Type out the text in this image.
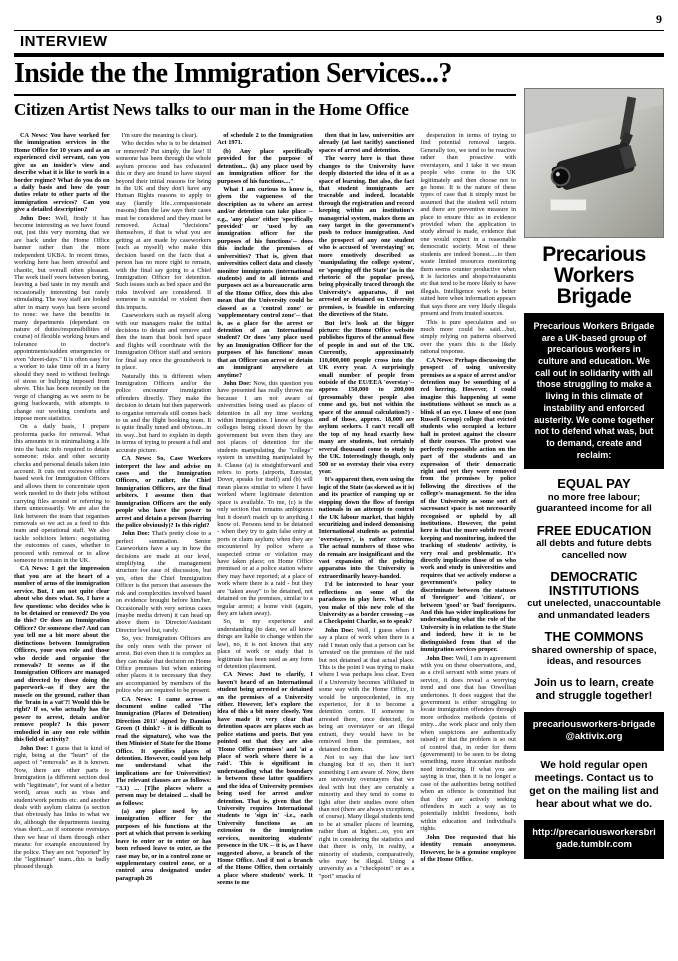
9
INTERVIEW
Inside the the Immigration Services...?
Citizen Artist News talks to our man in the Home Office

CA News: You have worked for the immigration services in the Home Office for 10 years and as an experienced civil servant, can you give us an insider's view and describe what it is like to work in a border regime? What do you do on a daily basis and how do your duties relate to other parts of the immigration services? Can you give a detailed description?

John Doe: Well, firstly it has become interesting as we have found out, just this very morning that we are back under the Home Office banner rather than the more independent UKBA. In recent times, working here has been stressful and chaotic, but overall often pleasant. The work itself veers between boring, leaving a bad taste in my mouth and occasionally interesting but rarely stimulating. The way staff are looked after in many ways has been second to none: we have the benefits in many departments (dependant on nature of duties/responsibilities of course) of flexible working hours and tolerance to doctor's appointments/sudden emergencies or even "duvet-days." It is often easy for a worker to take time off in a hurry should they need to without feelings of stress or bullying imposed from above. This has been recently on the verge of changing as we seem to be going backwards, with attempts to change our working comforts and impose more statistics.

On a daily basis, I prepare proforma packs for removal. What this amounts to is minimalising a life into the basic info required to detain someone: risks and other security checks and personal details taken into account. It cuts out excessive office based work for Immigration Officers and allows them to concentrate upon work needed to do their jobs without carrying files around or referring to them unnecessarily. We are also the link between the team that organises removals so we act as a feed to this team and operational staff. We also tackle solicitors letters: negotiating the outcomes of cases, whether to proceed with removal or to allow someone to remain in the UK.

CA News: I get the impression that you are at the heart of a number of arms of the immigration service. But, I am not quite clear about who does what. So, I have a few questions: who decides who is to be detained or removed? Do you do this? Or does an Immigration Officer? Or someone else? And can you tell me a bit more about the distinctions between Immigration Officers, your own role and those who decide and organise the removals? It seems as if the Immigration Officers are managed and directed by those doing the paperwork--as if they are the muscle on the ground, rather than the 'brain in a vat'?! Would this be right? If so, who actually has the power to arrest, detain and/or remove people? Is this power embodied in any one role within this field of activity?

John Doe: I guess that is kind of right, being at the "heart" of the aspect of "removals" as it is known. Now, there are other parts to Immigration (a different section deal with "legitimate", for want of a better word), areas such as visas and student/work permits etc. and another deals with asylum claims (a section that obviously has links to what we do, although the departments issuing visas don't....so if someone overstays then we hear of them through other means: for example encountered by the police. They are not "reported" by the "legitimate" team...this is badly phrased though

I'm sure the meaning is clear).

Who decides who is to be detained or removed? Put simply, the law! If someone has been through the whole asylum process and has exhausted this or they are found to have stayed beyond their initial reasons for being in the UK and they don't have any Human Rights reasons to apply to stay (family life...compassionate reasons) then the law says their cases must be considered and they must be removed. Actual "decisions" themselves, if that is what you are getting at are made by caseworkers (such as myself) who make this decision based on the facts that a person has no more right to remain, with the final say going to a Chief Immigration Officer for detention. Such issues such as bed space and the risks involved are considered. If someone is suicidal or violent then this impacts.

Caseworkers such as myself along with our managers make the initial decisions to detain and remove and then the team that book bed space and flights will coordinate with the Immigration Officer staff and seniors for final say once the groundwork is in place.

Naturally this is different when Immigration Officers and/or the police encounter immigration offenders directly. They make the decision to detain but then paperwork to organise removals still comes back to us and the flight booking team. It is quite finally tuned and obvious...in its way...but hard to explain in depth in terms of trying to present a full and accurate picture.

CA News: So, Case Workers interpret the law and advise on cases and the Immigration Officers, or rather, the Chief Immigration Officers, are the final arbiters. I assume then that Immigration Officers are the only people who have the power to arrest and detain a person (barring the police obviously)? Is this right?

John Doe: That's pretty close to a perfect summation. Senior Caseworkers have a say in how the decisions are made at our level, simplifying the management structure for ease of discussion, but yes, often the Chief Immigration Officer is the person that assesses the risk and complexities involved based on evidence brought before him/her. Occasionally with very serious cases (maybe media driven) it can head up above them to Director/Assistant Director level but, rarely.

So, yes: Immigration Officers are the only ones with the power of arrest. But even then it is complex as they can make that decision on Home Office premises but when entering other places it is necessary that they are accompanied by members of the police who are required to be present.

CA News: I came across a document online called 'The Immigration (Places of Detention) Direction 2011' signed by Damian Green (I think? - it is difficult to read the signature), who was the then Minister of State for the Home Office. It specifies places of detention. However, could you help me understand what the implications are for Universities? The relevant clauses are as follows: "3.1) ... [T]he places where a person may be detained ... shall be as follows:

(a) any place used by an immigration officer for the purposes of his functions at the port at which that person is seeking leave to enter or to enter or has been refused leave to enter, as the case may be, or in a control zone or supplementary control zone, or a control area designated under paragraph 26

of schedule 2 to the Immigration Act 1971.

(b) Any place specifically provided for the purpose of detention... (k) any place used by an immigration officer for the purposes of his functions...."

What I am curious to know is, given the vagueness of the description as to where an arrest and/or detention can take place -- e.g., 'any place' either 'specifically provided' or 'used by an immigration officer for the purposes of his functions'-- does this include the premises of universities? That is, given that universities collect data and closely monitor immigrants (international students) and to all intents and purposes act as a bureaucratic arm of the Home Office, does this also mean that the University could be classed as a 'control zone' or 'supplementary control zone'-- that is, as a place for the arrest or detention of an International student? Or does 'any place used by an Immigration Officer for the purposes of his functions' mean that an Officer can arrest or detain an immigrant anywhere at anytime?

John Doe: Now, this question you have presented has really thrown me because I am not aware of universities being used as places of detention in all my time working within Immigration. I know of bogus colleges being closed down by the government but even then they are not places of detention for the students manipulating the "college" system in unwitting manipulated by it. Clause (a) is straightforward and refers to ports (airports, Eurostar, Dover, speaks for itself) and (b) will mean places similar to where I have worked where legitimate detention space is available. To me, (c) is the only section that remains ambiguous but it doesn't match up to anything I know of. Persons tend to be detained - when they try to gain false entry at ports or claim asylum; when they are encountered by police where a suspected crime or violation may have taken place; on Home Office premised or at a police station where they may have reported; at a place of work where there is a raid - but they are "taken away" to be detained, not detained on the premises, similar to a regular arrest; a home visit (again, they are taken away).

So, in my experience and understanding (to date, we all know things are liable to change within the law), no, it is not known that any place of work or study that is legitimate has been used as any form of detention placement.

CA News: Just to clarify, I haven't heard of an International student being arrested or detained on the premises of a University either. However, let's explore the idea of this a bit more closely. You have made it very clear that detention spaces are places such as police stations and ports. But you pointed out that they are also 'Home Office premises' and 'at a place of work where there is a raid'. This is significant in understanding what the boundary is between these latter qualifiers and the idea of University premises being used for arrest and/or detention. That is, given that the University requires International students to 'sign in' -i.e., each University functions as an extension to the immigration services, monitoring students' presence in the UK -- it is, as I have suggested above, a branch of the Home Office. And if not a branch of the Home Office, then certainly a place where students' work. It seems to me

then that in law, universities are already (at last tacitly) sanctioned spaces of arrest and detention.

The worry here is that these changes to the University have deeply distorted the idea of it as a space of learning. But also, the fact that student immigrants are traceable and indeed, locatable through the registration and record keeping within an institution's managerial system, makes them an easy target in the government's push to reduce immigration. And the prospect of any one student who is accused of 'overstaying' or, more emotively described as 'manipulating the college system', or 'sponging off the State' (as in the rhetoric of the popular press), being physically traced through the University's apparatus, if not arrested or detained on University premises, is feasible in enforcing the directives of the State.

But let's look at the bigger picture: the Home Office website publishes figures of the annual flow of people in and out of the UK. Currently, approximately 110,000,000 people cross into the UK every year. A surprisingly small number of people from outside of the EU/EEA 'overstay'-- approx 150,000 to 200,000 (presumably these people also come and go, but not within the space of the annual calculation?) - and of those, approx. 18,000 are asylum seekers. I can't recall off the top of my head exactly how many are students, but certainly several thousand come to study in the UK. Interestingly though, only 500 or so overstay their visa every year.

It's apparent then, even using the logic of the State (as skewed as it is) and its practice of ramping up or stopping down the flow of foreign nationals in an attempt to control the UK labour market, that highly securitizing and indeed demonising International students as potential 'overstayers', is rather extreme. The actual numbers of those who do remain are insignificant and the vast expansion of the policing apparatus into the University is extraordinarily heavy-handed.

I'd be interested to hear your reflections on some of the paradoxes in play here. What do you make of this new role of the University as a border crossing --as a Checkpoint Charlie, so to speak?

John Doe: Well, I guess when I say a place of work when there is a raid I mean only that a person can be 'arrested' on the premises of the raid but not detained at that actual place. This is the point I was trying to make where I was perhaps less clear. Even if a University becomes 'affiliated' in some way with the Home Office, it would be unprecedented, in my experience, for it to become a detention centre. If someone is arrested there, once detected, for being an overstayer or an illegal entrant, they would have to be removed from the premises, not detained on them.

Not to say that the law isn't changing but if so, then it isn't something I am aware of. Now, there are university overstayers that we deal with but they are certainly a minority and they tend to come to light after their studies more often than not (there are always exceptions, of course). Many illegal students tend to be at smaller places of learning, rather than at higher....so, you are right in considering the statistics and that there is only, in reality, a minority of students, comparatively, who may be illegal. Using a university as a "checkpoint" or as a "port" smacks of

desperation in terms of trying to find potential removal targets. Generally too, we tend to be reactive rather than proactive with overstayers, and I take it we mean people who come to the UK legitimately and then choose not to go home. It is the nature of these types of case that it simply must be assumed that the student will return and there are preventive measure in place to ensure this: as in evidence provided when the application to study abroad is made, evidence that one would expect in a reasonable democratic society. Most of these students are indeed honest.....to then waste limited resources monitoring them seems counter productive when it is factories and shops/restaurants etc that tend to be more likely to have illegals. Intelligence work is better suited here when information appears that says there are very likely illegals present and from trusted sources.

This is pure speculation and so much more could be said....but, simply relying on patterns observed over the years this is the likely rational response.

CA News: Perhaps discussing the prospect of using university premises as a space of arrest and/or detention may be something of a red herring. However, I could imagine this happening at some institutions without so much as a blink of an eye. I know of one (non Russell Group) college that evicted students who occupied a lecture hall in protest against the closure of their courses. The protest was perfectly responsible action on the part of the students and an expression of their democratic right and yet they were removed from the premises by police following the directives of the college's management. So the idea of the University as some sort of sacrosanct space is not necessarily recognised or upheld by all institutions. However, the point here is that the more subtle record keeping and monitoring, indeed the tracking of students' activity, is very real and problematic. It's directly implicates those of us who work and study in universities and requires that we actively endorse a government's policy to discriminate between the statuses of 'foreigner' and 'citizen', or between 'good' or 'bad' foreigners. And this has wider implications for understanding what the role of the University is in relation to the State and indeed, how it is to be distinguished from that of the immigration services proper.

John Doe: Well, I am in agreement with you on these observations, and, as a civil servant with some years of service, it does reveal a worrying trend and one that has Orwellian undertones. It does suggest that the government is either struggling to locate immigration offenders through more orthodox methods (points of entry....the work place and only then when suspicions are authentically raised) or that the problem is so out of control that, in order for them (government) to be seen to be doing something, more draconian methods need introducing. If what you are saying is true, then it is no longer a case of the authorities being notified when an offence is committed but that they are actively seeking offenders in such a way as to potentially inhibit freedoms, both within education and individual's rights.

John Doe requested that his identity remain anonymous. However, he is a genuine employee of the Home Office.

Precarious Workers Brigade
Precarious Workers Brigade are a UK-based group of precarious workers in culture and education. We call out in solidarity with all those struggling to make a living in this climate of instability and enforced austerity. We come together not to defend what was, but to demand, create and reclaim:
EQUAL PAY
no more free labour; guaranteed income for all
FREE EDUCATION
all debts and future debts cancelled now
DEMOCRATIC INSTITUTIONS
cut unelected, unaccountable and unmandated leaders
THE COMMONS
shared ownership of space, ideas, and resources
Join us to learn, create and struggle together!
precariousworkers-brigade@aktivix.org
We hold regular open meetings. Contact us to get on the mailing list and hear about what we do.
http://precariousworkersbrigade.tumblr.com
